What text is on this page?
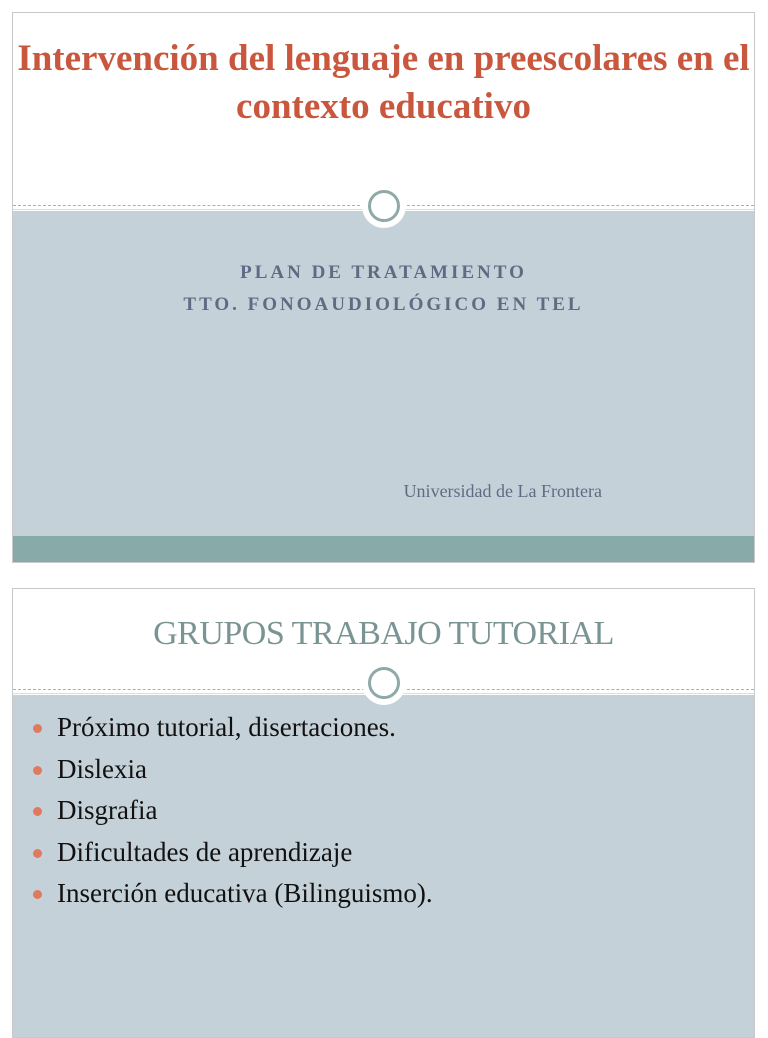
Intervención del lenguaje en preescolares en el contexto educativo
PLAN DE TRATAMIENTO
TTO. FONOAUDIOLÓGICO EN TEL
Universidad de La Frontera
GRUPOS TRABAJO TUTORIAL
Próximo tutorial, disertaciones.
Dislexia
Disgrafia
Dificultades de aprendizaje
Inserción educativa (Bilinguismo).
